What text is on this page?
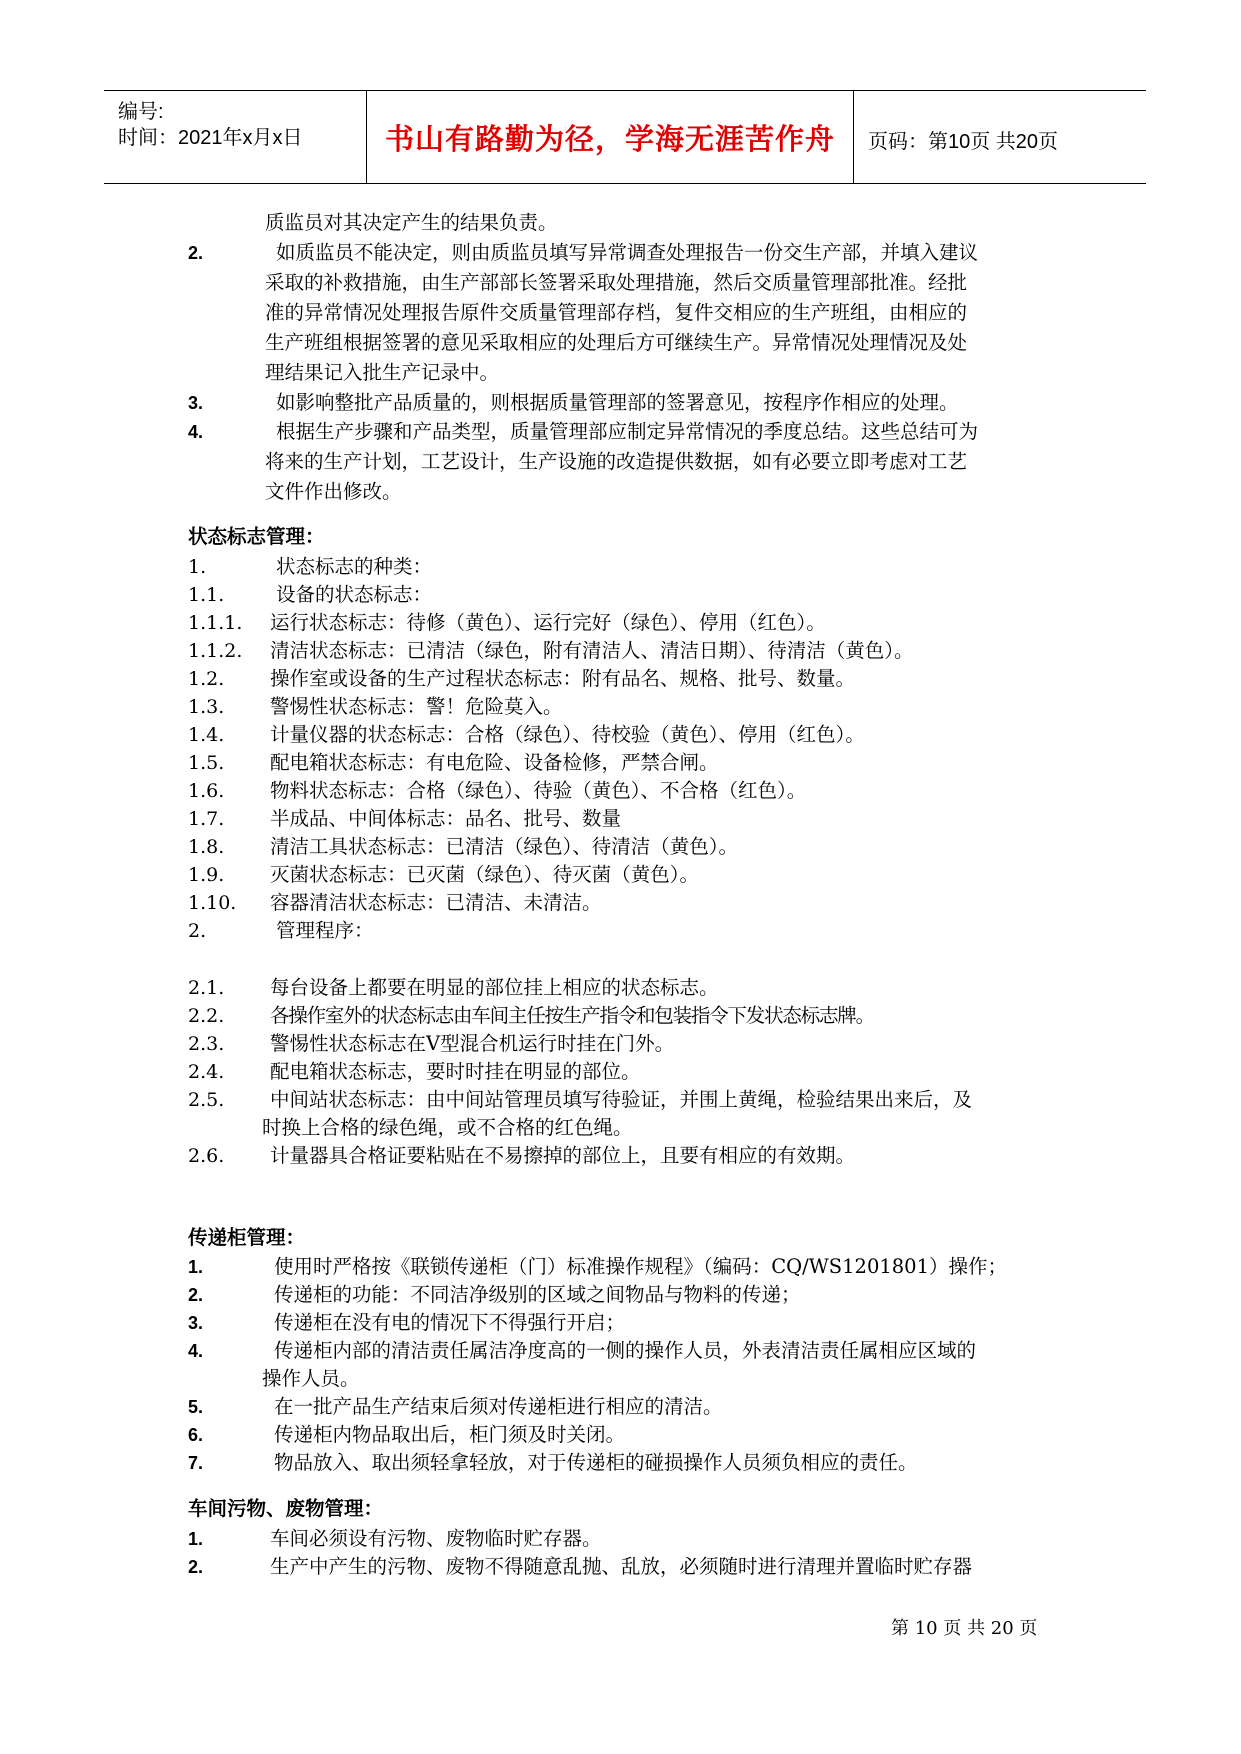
编号:
时间：2021年x月x日	书山有路勤为径，学海无涯苦作舟	页码：第10页 共20页
质监员对其决定产生的结果负责。
2.	如质监员不能决定，则由质监员填写异常调查处理报告一份交生产部，并填入建议
采取的补救措施，由生产部部长签署采取处理措施，然后交质量管理部批准。经批
准的异常情况处理报告原件交质量管理部存档，复件交相应的生产班组，由相应的
生产班组根据签署的意见采取相应的处理后方可继续生产。异常情况处理情况及处
理结果记入批生产记录中。
3.	如影响整批产品质量的，则根据质量管理部的签署意见，按程序作相应的处理。
4.	根据生产步骤和产品类型，质量管理部应制定异常情况的季度总结。这些总结可为
将来的生产计划，工艺设计，生产设施的改造提供数据，如有必要立即考虑对工艺
文件作出修改。
状态标志管理：
1.	状态标志的种类：
1.1.	设备的状态标志：
1.1.1. 运行状态标志：待修（黄色）、运行完好（绿色）、停用（红色）。
1.1.2. 清洁状态标志：已清洁（绿色，附有清洁人、清洁日期）、待清洁（黄色）。
1.2. 操作室或设备的生产过程状态标志：附有品名、规格、批号、数量。
1.3. 警惕性状态标志：警！危险莫入。
1.4. 计量仪器的状态标志：合格（绿色）、待校验（黄色）、停用（红色）。
1.5. 配电箱状态标志：有电危险、设备检修，严禁合闸。
1.6. 物料状态标志：合格（绿色）、待验（黄色）、不合格（红色）。
1.7. 半成品、中间体标志：品名、批号、数量
1.8. 清洁工具状态标志：已清洁（绿色）、待清洁（黄色）。
1.9. 灭菌状态标志：已灭菌（绿色）、待灭菌（黄色）。
1.10. 容器清洁状态标志：已清洁、未清洁。
2.	管理程序：
2.1. 每台设备上都要在明显的部位挂上相应的状态标志。
2.2. 各操作室外的状态标志由车间主任按生产指令和包装指令下发状态标志牌。
2.3. 警惕性状态标志在V型混合机运行时挂在门外。
2.4. 配电箱状态标志，要时时挂在明显的部位。
2.5. 中间站状态标志：由中间站管理员填写待验证，并围上黄绳，检验结果出来后，及
时换上合格的绿色绳，或不合格的红色绳。
2.6. 计量器具合格证要粘贴在不易擦掉的部位上，且要有相应的有效期。
传递柜管理：
1.	使用时严格按《联锁传递柜（门）标准操作规程》（编码：CQ/WS1201801）操作；
2.	传递柜的功能：不同洁净级别的区域之间物品与物料的传递；
3.	传递柜在没有电的情况下不得强行开启；
4.	传递柜内部的清洁责任属洁净度高的一侧的操作人员，外表清洁责任属相应区域的
操作人员。
5.	在一批产品生产结束后须对传递柜进行相应的清洁。
6.	传递柜内物品取出后，柜门须及时关闭。
7.	物品放入、取出须轻拿轻放，对于传递柜的碰损操作人员须负相应的责任。
车间污物、废物管理：
1.	车间必须设有污物、废物临时贮存器。
2.	生产中产生的污物、废物不得随意乱抛、乱放，必须随时进行清理并置临时贮存器
第 10 页 共 20 页
